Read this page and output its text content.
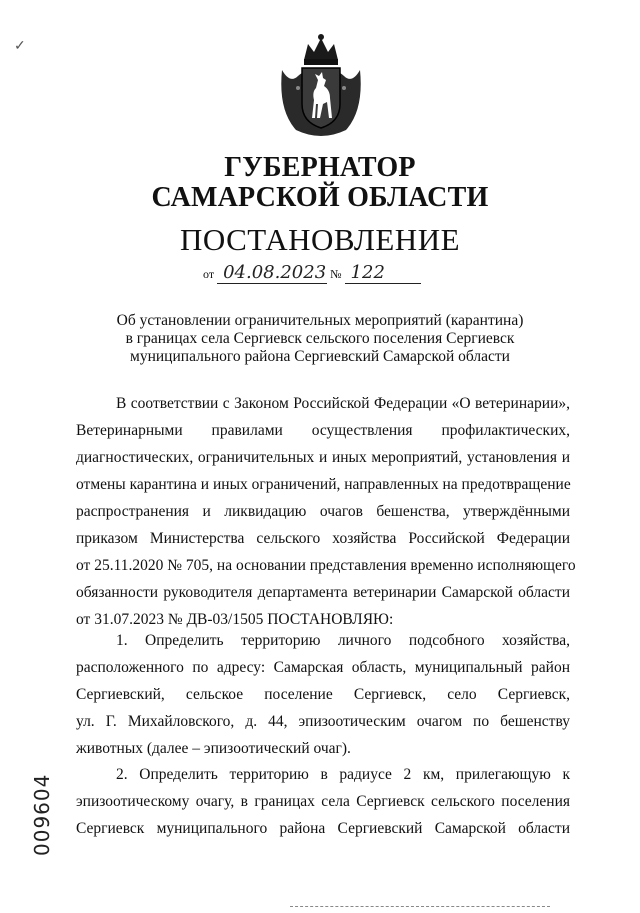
✓
ГУБЕРНАТОР
САМАРСКОЙ ОБЛАСТИ
ПОСТАНОВЛЕНИЕ
от 04.08.2023 № 122
Об установлении ограничительных мероприятий (карантина)
в границах села Сергиевск сельского поселения Сергиевск
муниципального района Сергиевский Самарской области
В соответствии с Законом Российской Федерации «О ветеринарии»,
Ветеринарными правилами осуществления профилактических,
диагностических, ограничительных и иных мероприятий, установления и
отмены карантина и иных ограничений, направленных на предотвращение
распространения и ликвидацию очагов бешенства, утверждёнными
приказом Министерства сельского хозяйства Российской Федерации
от 25.11.2020 № 705, на основании представления временно исполняющего
обязанности руководителя департамента ветеринарии Самарской области
от 31.07.2023 № ДВ-03/1505 ПОСТАНОВЛЯЮ:
1. Определить территорию личного подсобного хозяйства,
расположенного по адресу: Самарская область, муниципальный район
Сергиевский, сельское поселение Сергиевск, село Сергиевск,
ул. Г. Михайловского, д. 44, эпизоотическим очагом по бешенству
животных (далее – эпизоотический очаг).
2. Определить территорию в радиусе 2 км, прилегающую к
эпизоотическому очагу, в границах села Сергиевск сельского поселения
Сергиевск муниципального района Сергиевский Самарской области
009604
